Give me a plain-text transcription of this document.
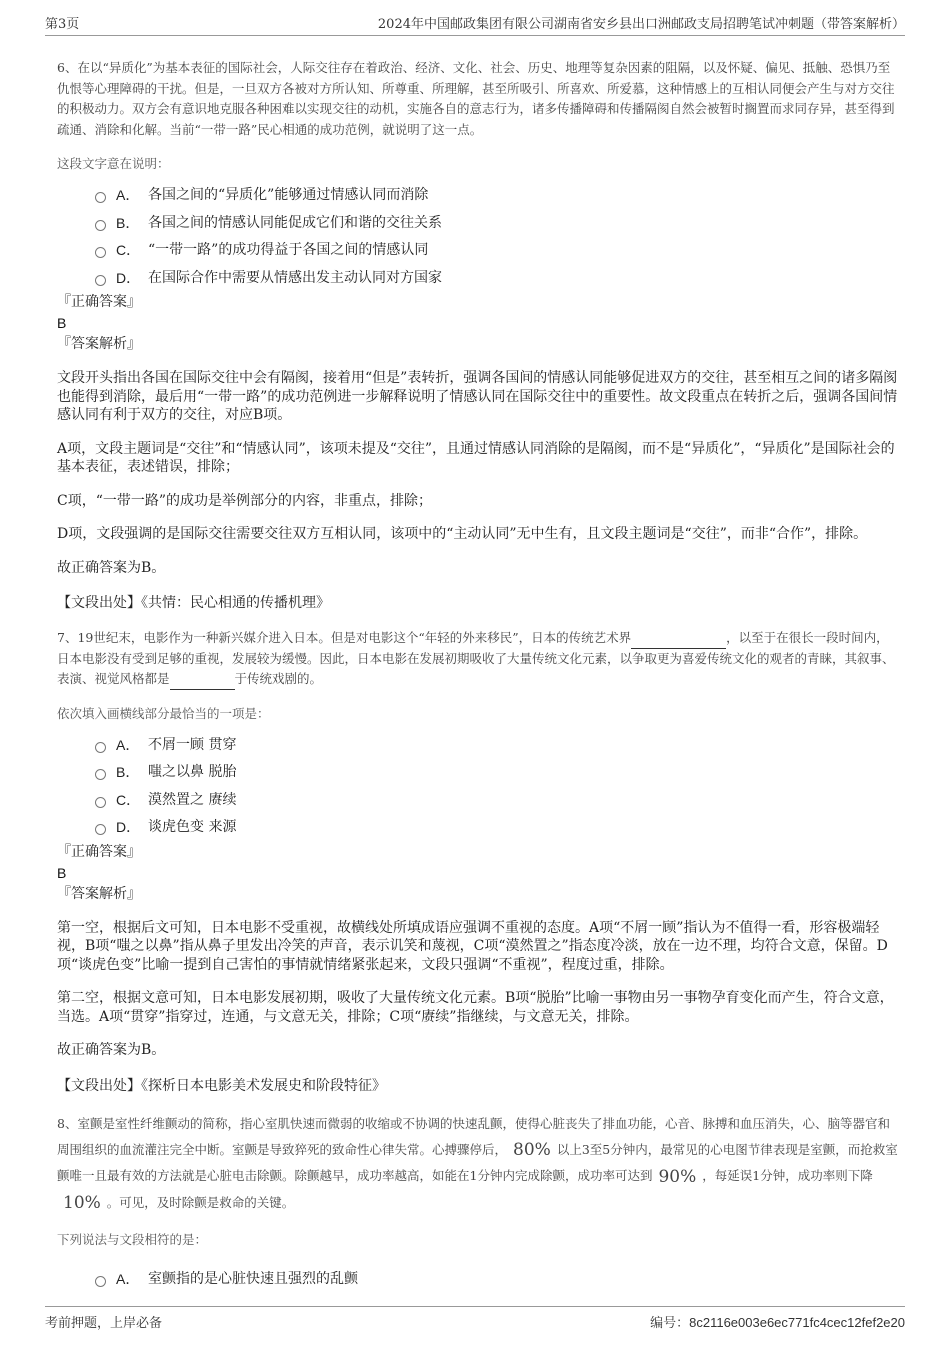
第3页	2024年中国邮政集团有限公司湖南省安乡县出口洲邮政支局招聘笔试冲刺题（带答案解析）

6、在以“异质化”为基本表征的国际社会，人际交往存在着政治、经济、文化、社会、历史、地理等复杂因素的阻隔，以及怀疑、偏见、抵触、恐惧乃至仇恨等心理障碍的干扰。但是，一旦双方各被对方所认知、所尊重、所理解，甚至所吸引、所喜欢、所爱慕，这种情感上的互相认同便会产生与对方交往的积极动力。双方会有意识地克服各种困难以实现交往的动机，实施各自的意志行为，诸多传播障碍和传播隔阂自然会被暂时搁置而求同存异，甚至得到疏通、消除和化解。当前“一带一路”民心相通的成功范例，就说明了这一点。

这段文字意在说明：

A． 各国之间的“异质化”能够通过情感认同而消除
B． 各国之间的情感认同能促成它们和谐的交往关系
C． “一带一路”的成功得益于各国之间的情感认同
D． 在国际合作中需要从情感出发主动认同对方国家

『正确答案』

B

『答案解析』

文段开头指出各国在国际交往中会有隔阂，接着用“但是”表转折，强调各国间的情感认同能够促进双方的交往，甚至相互之间的诸多隔阂也能得到消除，最后用“一带一路”的成功范例进一步解释说明了情感认同在国际交往中的重要性。故文段重点在转折之后，强调各国间情感认同有利于双方的交往，对应B项。

A项，文段主题词是“交往”和“情感认同”，该项未提及“交往”，且通过情感认同消除的是隔阂，而不是“异质化”，“异质化”是国际社会的基本表征，表述错误，排除；

C项，“一带一路”的成功是举例部分的内容，非重点，排除；

D项，文段强调的是国际交往需要交往双方互相认同，该项中的“主动认同”无中生有，且文段主题词是“交往”，而非“合作”，排除。

故正确答案为B。

【文段出处】《共情：民心相通的传播机理》

7、19世纪末，电影作为一种新兴媒介进入日本。但是对电影这个“年轻的外来移民”，日本的传统艺术界	，以至于在很长一段时间内，日本电影没有受到足够的重视，发展较为缓慢。因此，日本电影在发展初期吸收了大量传统文化元素，以争取更为喜爱传统文化的观者的青睐，其叙事、表演、视觉风格都是	于传统戏剧的。

依次填入画横线部分最恰当的一项是：

A． 不屑一顾 贯穿
B． 嗤之以鼻 脱胎
C． 漠然置之 赓续
D． 谈虎色变 来源

『正确答案』

B

『答案解析』

第一空，根据后文可知，日本电影不受重视，故横线处所填成语应强调不重视的态度。A项“不屑一顾”指认为不值得一看，形容极端轻视，B项“嗤之以鼻”指从鼻子里发出冷笑的声音，表示讥笑和蔑视，C项“漠然置之”指态度冷淡，放在一边不理，均符合文意，保留。D项“谈虎色变”比喻一提到自己害怕的事情就情绪紧张起来，文段只强调“不重视”，程度过重，排除。

第二空，根据文意可知，日本电影发展初期，吸收了大量传统文化元素。B项“脱胎”比喻一事物由另一事物孕育变化而产生，符合文意，当选。A项“贯穿”指穿过，连通，与文意无关，排除；C项“赓续”指继续，与文意无关，排除。

故正确答案为B。

【文段出处】《探析日本电影美术发展史和阶段特征》

8、室颤是室性纤维颤动的简称，指心室肌快速而微弱的收缩或不协调的快速乱颤，使得心脏丧失了排血功能，心音、脉搏和血压消失，心、脑等器官和周围组织的血流灌注完全中断。室颤是导致猝死的致命性心律失常。心搏骤停后， 80% 以上3至5分钟内，最常见的心电图节律表现是室颤，而抢救室颤唯一且最有效的方法就是心脏电击除颤。除颤越早，成功率越高，如能在1分钟内完成除颤，成功率可达到 90% ，每延误1分钟，成功率则下降10% 。可见，及时除颤是救命的关键。

下列说法与文段相符的是：

A． 室颤指的是心脏快速且强烈的乱颤
考前押题，上岸必备	编号：8c2116e003e6ec771fc4cec12fef2e20
